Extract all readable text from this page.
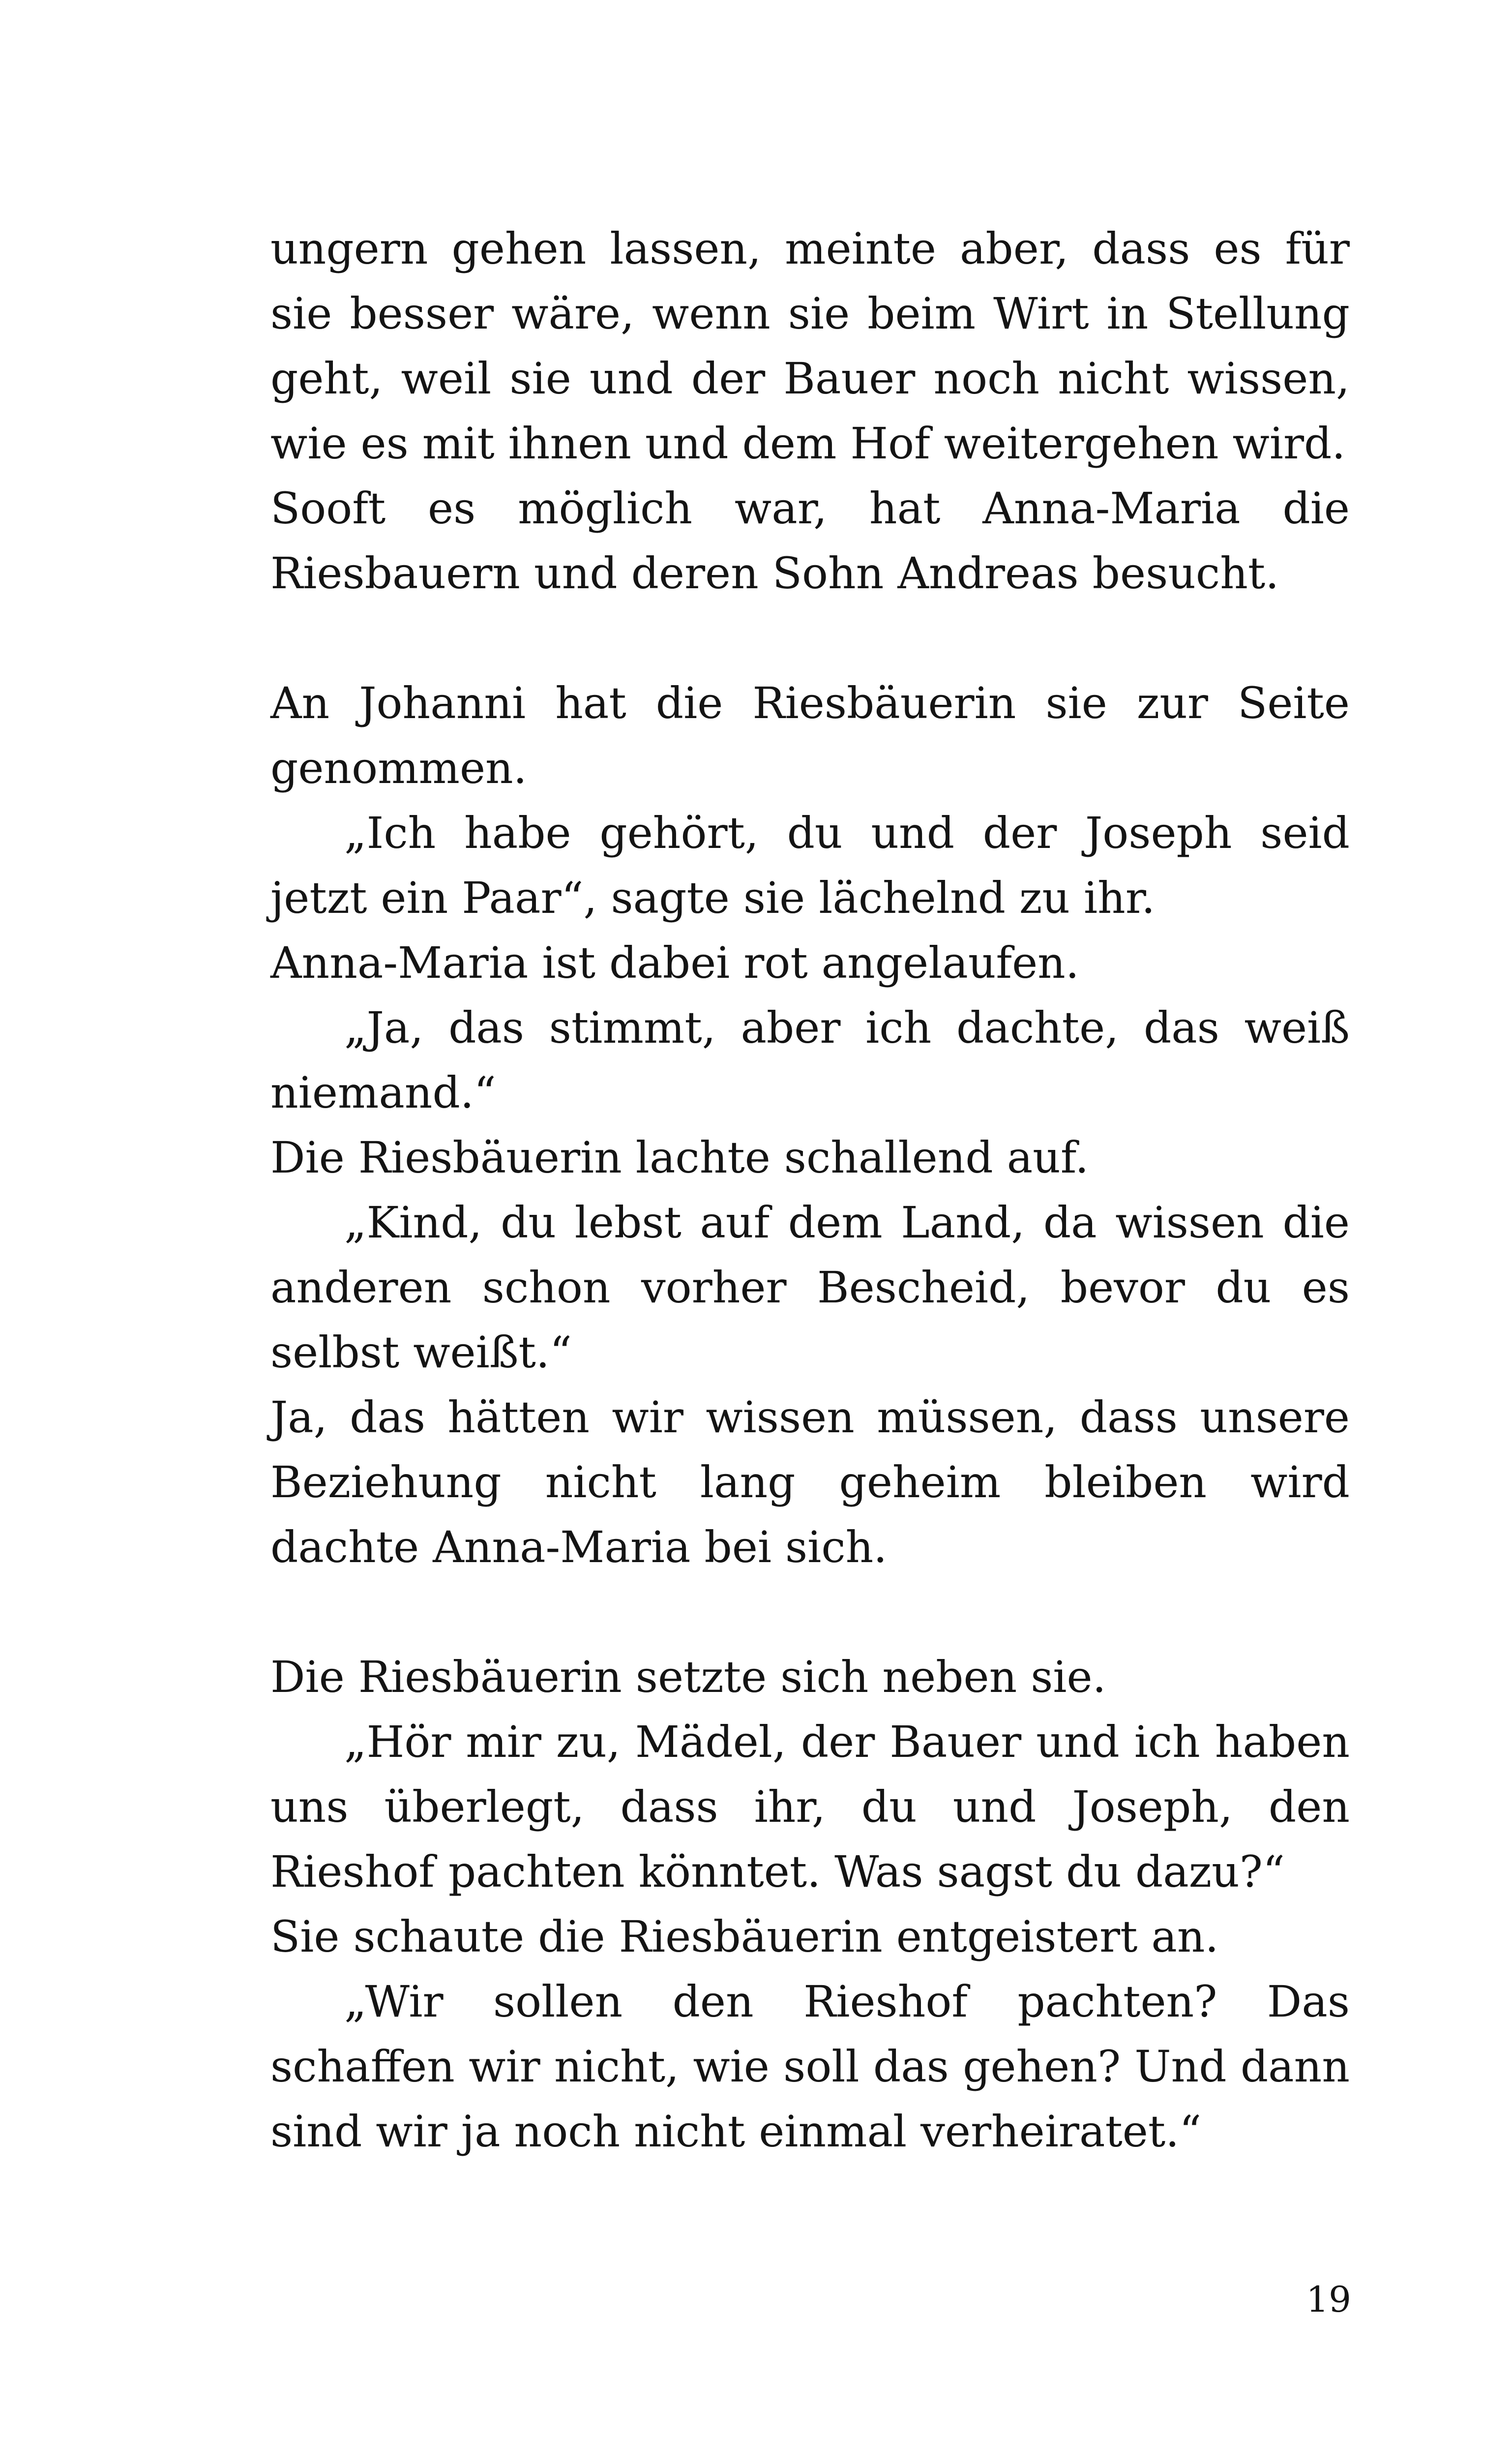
ungern gehen lassen, meinte aber, dass es für sie besser wäre, wenn sie beim Wirt in Stellung geht, weil sie und der Bauer noch nicht wissen, wie es mit ihnen und dem Hof weitergehen wird.

Sooft es möglich war, hat Anna-Maria die Riesbauern und deren Sohn Andreas besucht.

An Johanni hat die Riesbäuerin sie zur Seite genommen.

„Ich habe gehört, du und der Joseph seid jetzt ein Paar“, sagte sie lächelnd zu ihr.

Anna-Maria ist dabei rot angelaufen.

„Ja, das stimmt, aber ich dachte, das weiß niemand.“

Die Riesbäuerin lachte schallend auf.

„Kind, du lebst auf dem Land, da wissen die anderen schon vorher Bescheid, bevor du es selbst weißt.“

Ja, das hätten wir wissen müssen, dass unsere Beziehung nicht lang geheim bleiben wird dachte Anna-Maria bei sich.

Die Riesbäuerin setzte sich neben sie.

„Hör mir zu, Mädel, der Bauer und ich haben uns überlegt, dass ihr, du und Joseph, den Rieshof pachten könntet. Was sagst du dazu?“

Sie schaute die Riesbäuerin entgeistert an.

„Wir sollen den Rieshof pachten? Das schaffen wir nicht, wie soll das gehen? Und dann sind wir ja noch nicht einmal verheiratet.“

19
